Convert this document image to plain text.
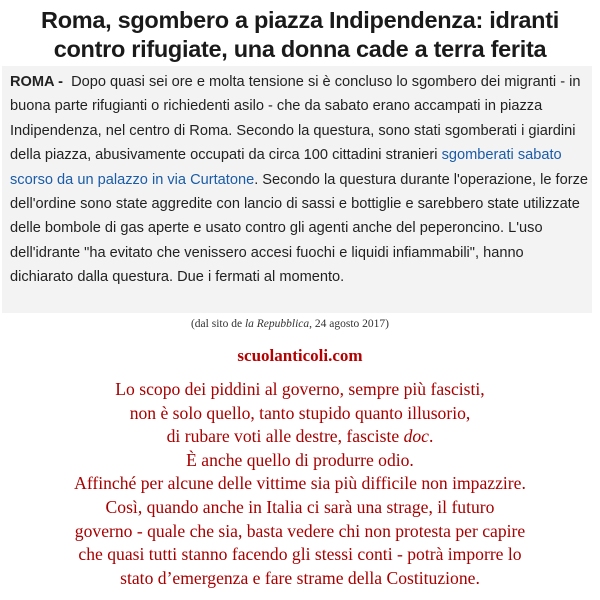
Roma, sgombero a piazza Indipendenza: idranti
contro rifugiate, una donna cade a terra ferita

ROMA - Dopo quasi sei ore e molta tensione si è concluso lo sgombero dei migranti - in buona parte rifugianti o richiedenti asilo - che da sabato erano accampati in piazza Indipendenza, nel centro di Roma. Secondo la questura, sono stati sgomberati i giardini della piazza, abusivamente occupati da circa 100 cittadini stranieri sgomberati sabato scorso da un palazzo in via Curtatone. Secondo la questura durante l'operazione, le forze dell'ordine sono state aggredite con lancio di sassi e bottiglie e sarebbero state utilizzate delle bombole di gas aperte e usato contro gli agenti anche del peperoncino. L'uso dell'idrante "ha evitato che venissero accesi fuochi e liquidi infiammabili", hanno dichiarato dalla questura. Due i fermati al momento.

(dal sito de la Repubblica, 24 agosto 2017)
scuolanticoli.com
Lo scopo dei piddini al governo, sempre più fascisti,
non è solo quello, tanto stupido quanto illusorio,
di rubare voti alle destre, fasciste doc.
È anche quello di produrre odio.
Affinché per alcune delle vittime sia più difficile non impazzire.
Così, quando anche in Italia ci sarà una strage, il futuro
governo - quale che sia, basta vedere chi non protesta per capire
che quasi tutti stanno facendo gli stessi conti - potrà imporre lo
stato d’emergenza e fare strame della Costituzione.
